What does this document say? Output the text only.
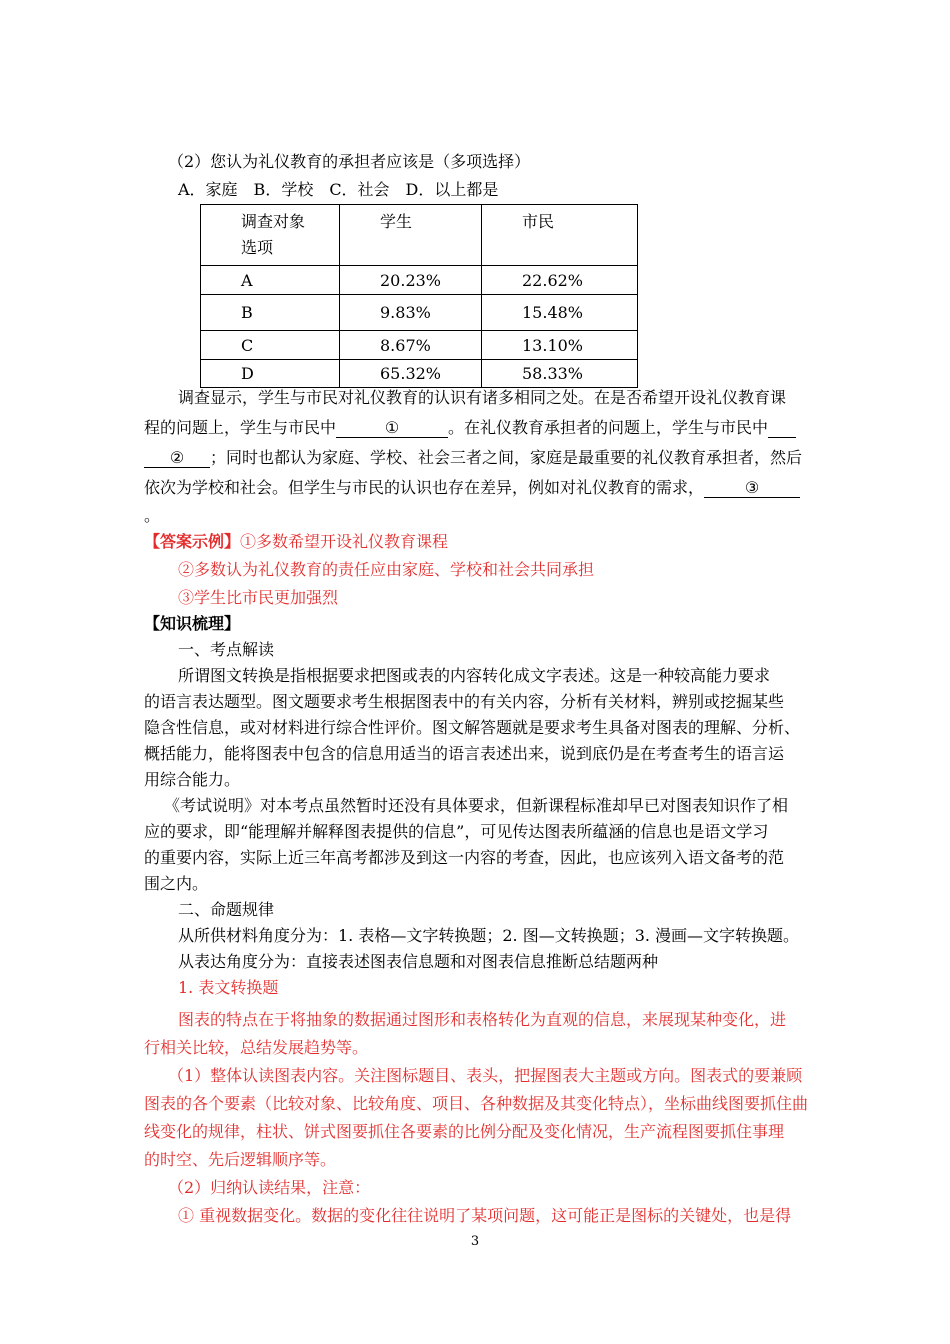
（2）您认为礼仪教育的承担者应该是（多项选择）
A．家庭　B．学校　C．社会　D．以上都是
调查对象
选项	学生	市民

A	20.23%	22.62%
B	9.83%	15.48%
C	8.67%	13.10%
D	65.32%	58.33%
调查显示，学生与市民对礼仪教育的认识有诸多相同之处。在是否希望开设礼仪教育课
程的问题上，学生与市民中	①	。在礼仪教育承担者的问题上，学生与市民中
② ；同时也都认为家庭、学校、社会三者之间，家庭是最重要的礼仪教育承担者，然后
依次为学校和社会。但学生与市民的认识也存在差异，例如对礼仪教育的需求，	③
。
【答案示例】①多数希望开设礼仪教育课程
②多数认为礼仪教育的责任应由家庭、学校和社会共同承担
③学生比市民更加强烈
【知识梳理】
一、考点解读
所谓图文转换是指根据要求把图或表的内容转化成文字表述。这是一种较高能力要求
的语言表达题型。图文题要求考生根据图表中的有关内容，分析有关材料，辨别或挖掘某些
隐含性信息，或对材料进行综合性评价。图文解答题就是要求考生具备对图表的理解、分析、
概括能力，能将图表中包含的信息用适当的语言表述出来，说到底仍是在考查考生的语言运
用综合能力。
《考试说明》对本考点虽然暂时还没有具体要求，但新课程标准却早已对图表知识作了相
应的要求，即“能理解并解释图表提供的信息”，可见传达图表所蕴涵的信息也是语文学习
的重要内容，实际上近三年高考都涉及到这一内容的考查，因此，也应该列入语文备考的范
围之内。
二、命题规律
从所供材料角度分为：1. 表格—文字转换题；2. 图—文转换题；3. 漫画—文字转换题。
从表达角度分为：直接表述图表信息题和对图表信息推断总结题两种
1. 表文转换题
图表的特点在于将抽象的数据通过图形和表格转化为直观的信息，来展现某种变化，进
行相关比较，总结发展趋势等。
（1）整体认读图表内容。关注图标题目、表头，把握图表大主题或方向。图表式的要兼顾
图表的各个要素（比较对象、比较角度、项目、各种数据及其变化特点），坐标曲线图要抓住曲
线变化的规律，柱状、饼式图要抓住各要素的比例分配及变化情况，生产流程图要抓住事理
的时空、先后逻辑顺序等。
（2）归纳认读结果，注意：
① 重视数据变化。数据的变化往往说明了某项问题，这可能正是图标的关键处，也是得
3
